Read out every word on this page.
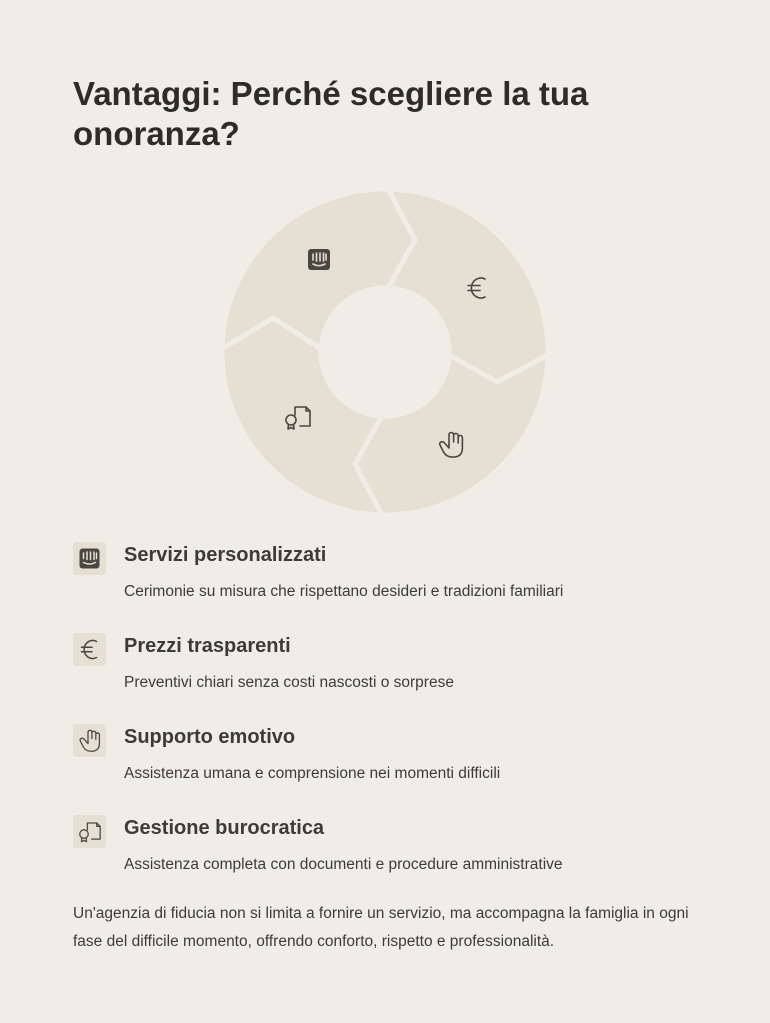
Vantaggi: Perché scegliere la tua onoranza?
Servizi personalizzati

Cerimonie su misura che rispettano desideri e tradizioni familiari

Prezzi trasparenti

Preventivi chiari senza costi nascosti o sorprese

Supporto emotivo

Assistenza umana e comprensione nei momenti difficili

Gestione burocratica

Assistenza completa con documenti e procedure amministrative

Un'agenzia di fiducia non si limita a fornire un servizio, ma accompagna la famiglia in ogni fase del difficile momento, offrendo conforto, rispetto e professionalità.
